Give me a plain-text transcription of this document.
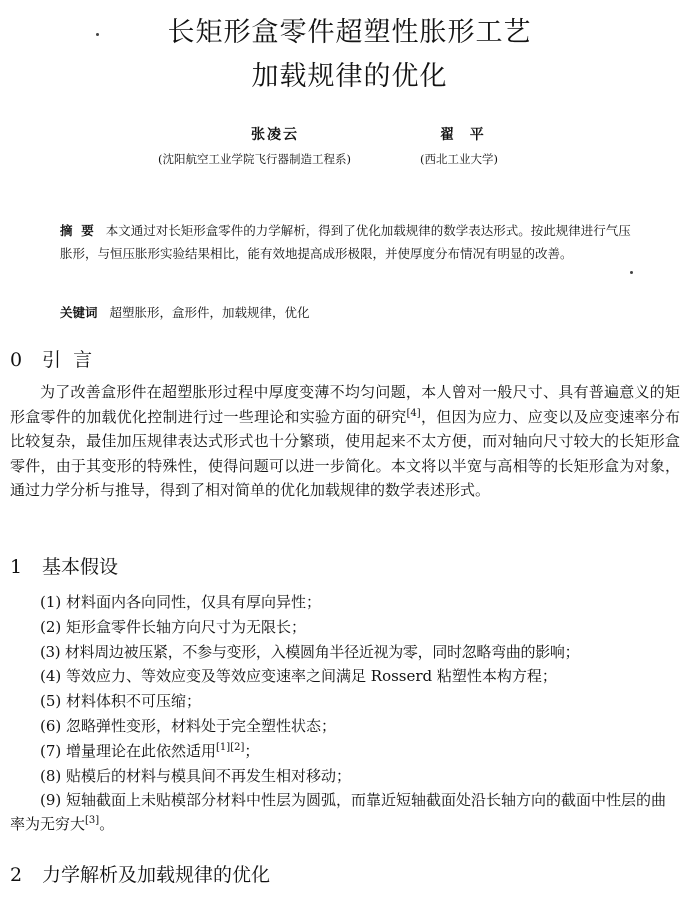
长矩形盒零件超塑性胀形工艺
加载规律的优化
张凌云	翟  平
(沈阳航空工业学院飞行器制造工程系)	(西北工业大学)
摘  要 本文通过对长矩形盒零件的力学解析，得到了优化加载规律的数学表达形式。按此规律进行气压胀形，与恒压胀形实验结果相比，能有效地提高成形极限，并使厚度分布情况有明显的改善。
关键词 超塑胀形，盒形件，加载规律，优化
0 引  言
为了改善盒形件在超塑胀形过程中厚度变薄不均匀问题，本人曾对一般尺寸、具有普遍意义的矩形盒零件的加载优化控制进行过一些理论和实验方面的研究[4]，但因为应力、应变以及应变速率分布比较复杂，最佳加压规律表达式形式也十分繁琐，使用起来不太方便，而对轴向尺寸较大的长矩形盒零件，由于其变形的特殊性，使得问题可以进一步简化。本文将以半宽与高相等的长矩形盒为对象，通过力学分析与推导，得到了相对简单的优化加载规律的数学表述形式。
1 基本假设
(1) 材料面内各向同性，仅具有厚向异性；
(2) 矩形盒零件长轴方向尺寸为无限长；
(3) 材料周边被压紧，不参与变形，入模圆角半径近视为零，同时忽略弯曲的影响；
(4) 等效应力、等效应变及等效应变速率之间满足 Rosserd 粘塑性本构方程；
(5) 材料体积不可压缩；
(6) 忽略弹性变形，材料处于完全塑性状态；
(7) 增量理论在此依然适用[1][2]；
(8) 贴模后的材料与模具间不再发生相对移动；
(9) 短轴截面上未贴模部分材料中性层为圆弧，而靠近短轴截面处沿长轴方向的截面中性层的曲率为无穷大[3]。
2 力学解析及加载规律的优化
